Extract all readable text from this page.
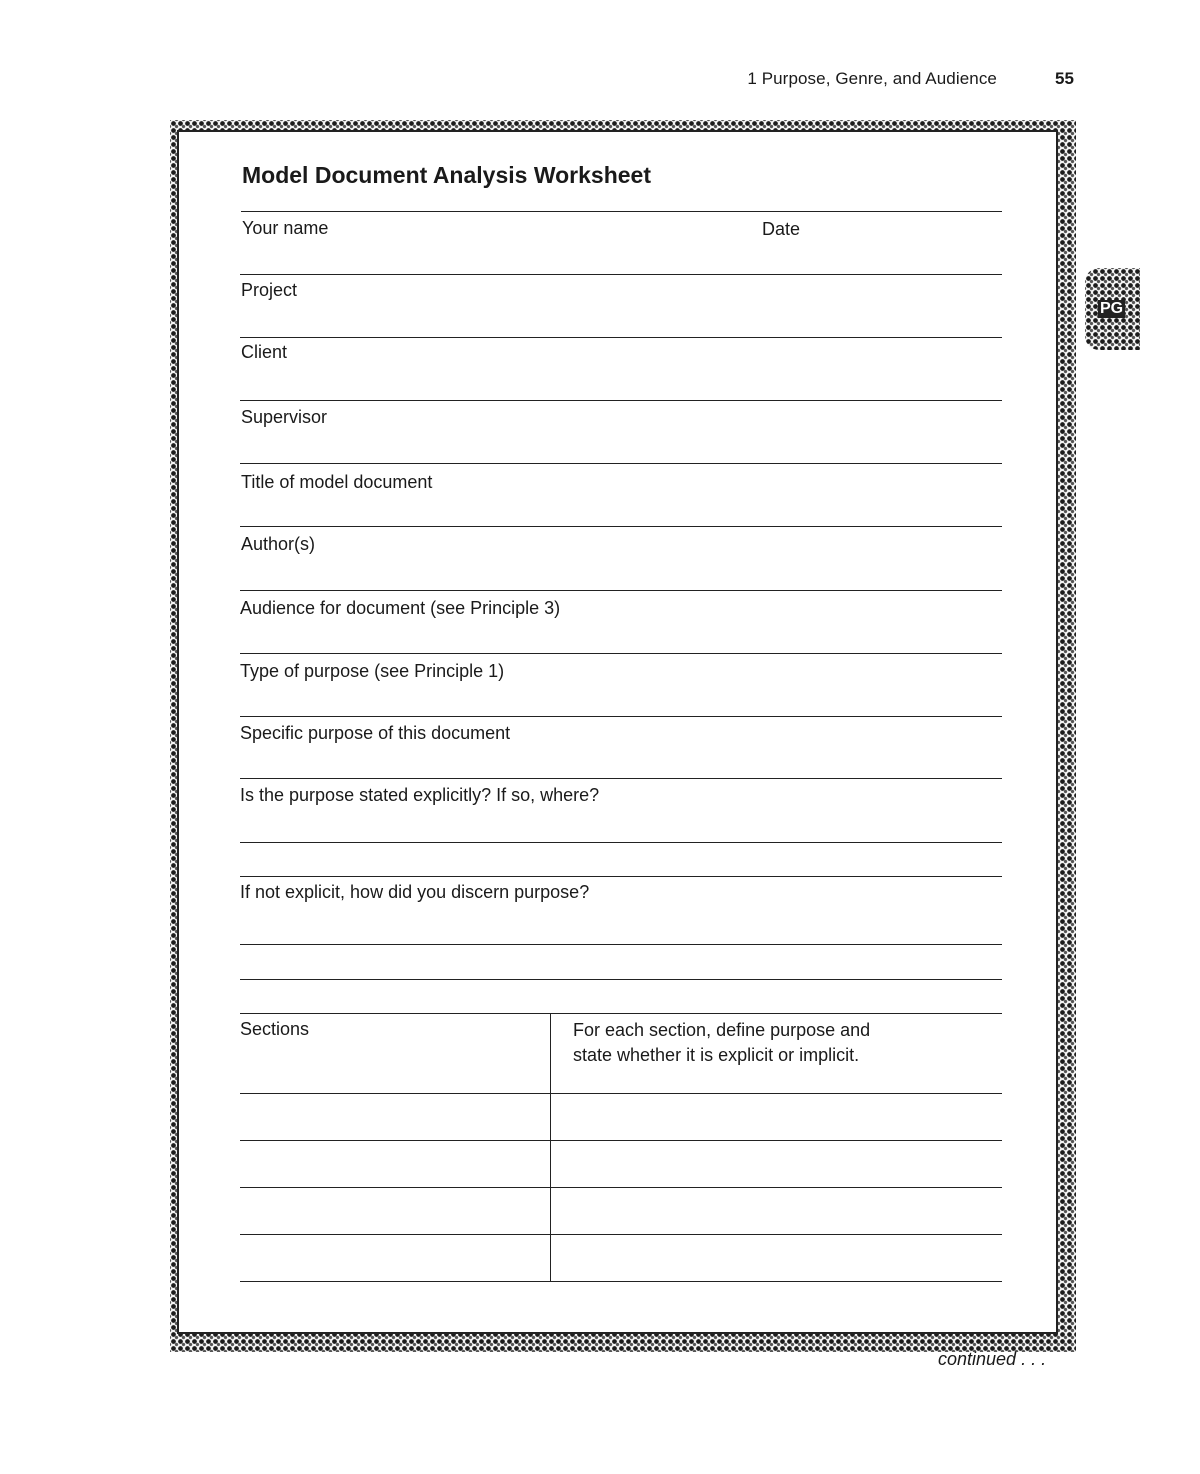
1 Purpose, Genre, and Audience	55
PG
Model Document Analysis Worksheet
Your name	Date
Project
Client
Supervisor
Title of model document
Author(s)
Audience for document (see Principle 3)
Type of purpose (see Principle 1)
Specific purpose of this document
Is the purpose stated explicitly? If so, where?
If not explicit, how did you discern purpose?
Sections	For each section, define purpose and
state whether it is explicit or implicit.
continued . . .
